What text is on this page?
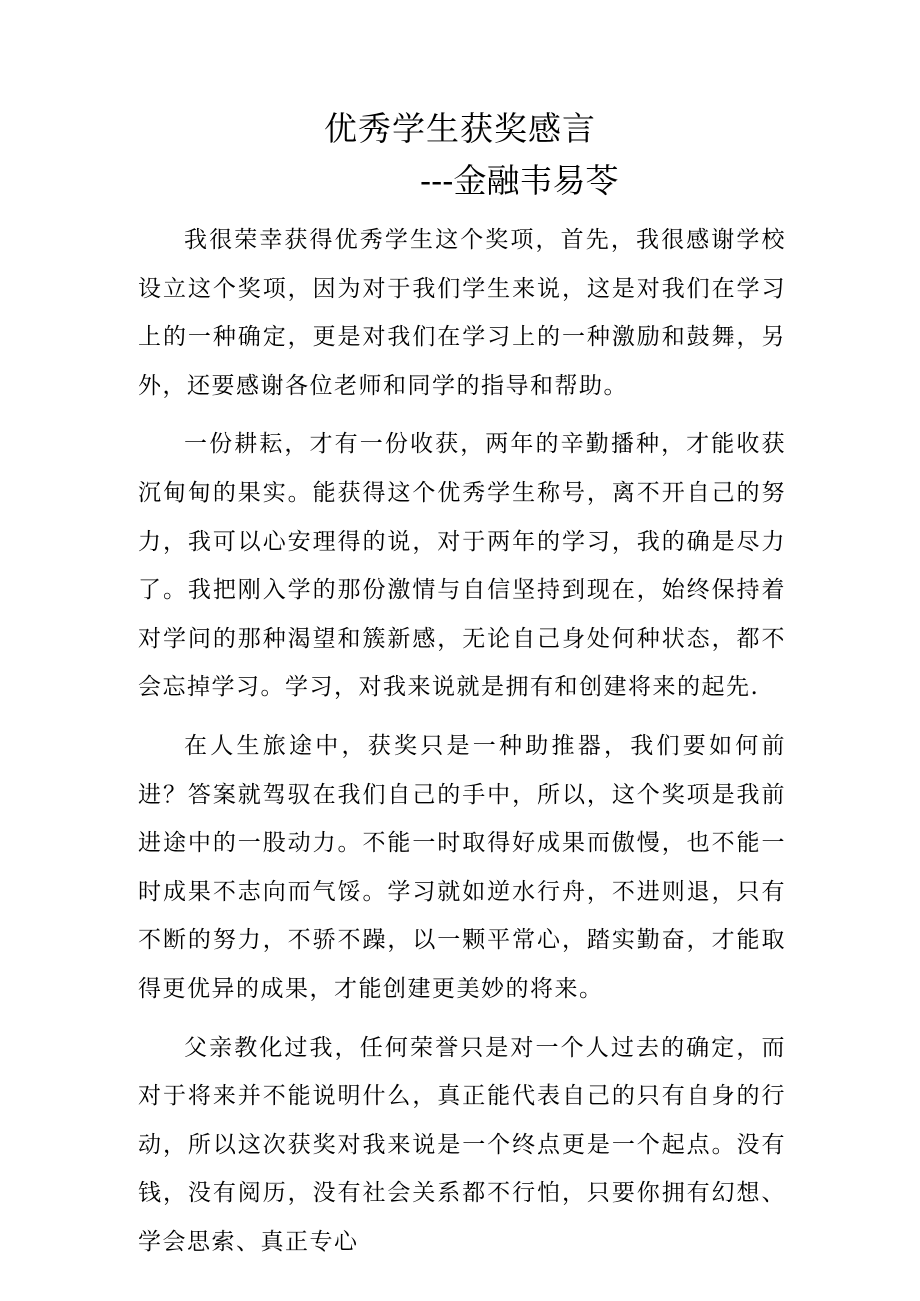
优秀学生获奖感言
---金融韦易苓

我很荣幸获得优秀学生这个奖项，首先，我很感谢学校设立这个奖项，因为对于我们学生来说，这是对我们在学习上的一种确定，更是对我们在学习上的一种激励和鼓舞，另外，还要感谢各位老师和同学的指导和帮助。

一份耕耘，才有一份收获，两年的辛勤播种，才能收获沉甸甸的果实。能获得这个优秀学生称号，离不开自己的努力，我可以心安理得的说，对于两年的学习，我的确是尽力了。我把刚入学的那份激情与自信坚持到现在，始终保持着对学问的那种渴望和簇新感，无论自己身处何种状态，都不会忘掉学习。学习，对我来说就是拥有和创建将来的起先.

在人生旅途中，获奖只是一种助推器，我们要如何前进？答案就驾驭在我们自己的手中，所以，这个奖项是我前进途中的一股动力。不能一时取得好成果而傲慢，也不能一时成果不志向而气馁。学习就如逆水行舟，不进则退，只有不断的努力，不骄不躁，以一颗平常心，踏实勤奋，才能取得更优异的成果，才能创建更美妙的将来。

父亲教化过我，任何荣誉只是对一个人过去的确定，而对于将来并不能说明什么，真正能代表自己的只有自身的行动，所以这次获奖对我来说是一个终点更是一个起点。没有钱，没有阅历，没有社会关系都不行怕，只要你拥有幻想、学会思索、真正专心
